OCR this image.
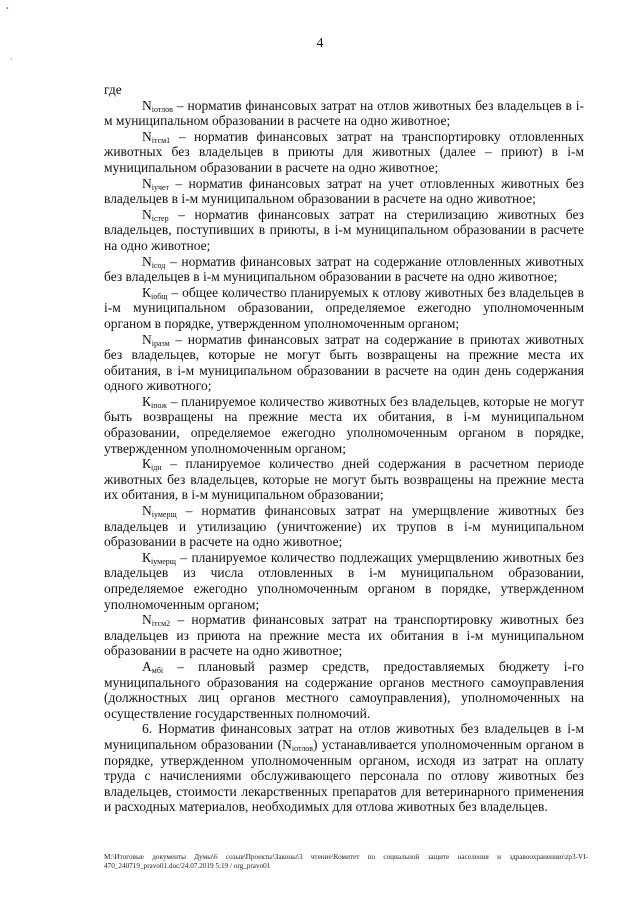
•
‚
4

где

$N_{iотлов}$ – норматив финансовых затрат на отлов животных без владельцев в i-м муниципальном образовании в расчете на одно животное;

$N_{iтсм1}$ – норматив финансовых затрат на транспортировку отловленных животных без владельцев в приюты для животных (далее – приют) в i-м муниципальном образовании в расчете на одно животное;

$N_{iучет}$ – норматив финансовых затрат на учет отловленных животных без владельцев в i-м муниципальном образовании в расчете на одно животное;

$N_{iстер}$ – норматив финансовых затрат на стерилизацию животных без владельцев, поступивших в приюты, в i-м муниципальном образовании в расчете на одно животное;

$N_{iсод}$ – норматив финансовых затрат на содержание отловленных животных без владельцев в i-м муниципальном образовании в расчете на одно животное;

$К_{iобщ}$ – общее количество планируемых к отлову животных без владельцев в i-м муниципальном образовании, определяемое ежегодно уполномоченным органом в порядке, утвержденном уполномоченным органом;

$N_{iразм}$ – норматив финансовых затрат на содержание в приютах животных без владельцев, которые не могут быть возвращены на прежние места их обитания, в i-м муниципальном образовании в расчете на один день содержания одного животного;

$К_{iпож}$ – планируемое количество животных без владельцев, которые не могут быть возвращены на прежние места их обитания, в i-м муниципальном образовании, определяемое ежегодно уполномоченным органом в порядке, утвержденном уполномоченным органом;

$К_{iдн}$ – планируемое количество дней содержания в расчетном периоде животных без владельцев, которые не могут быть возвращены на прежние места их обитания, в i-м муниципальном образовании;

$N_{iумерщ}$ – норматив финансовых затрат на умерщвление животных без владельцев и утилизацию (уничтожение) их трупов в i-м муниципальном образовании в расчете на одно животное;

$К_{iумерщ}$ – планируемое количество подлежащих умерщвлению животных без владельцев из числа отловленных в i-м муниципальном образовании, определяемое ежегодно уполномоченным органом в порядке, утвержденном уполномоченным органом;

$N_{iтсм2}$ – норматив финансовых затрат на транспортировку животных без владельцев из приюта на прежние места их обитания в i-м муниципальном образовании в расчете на одно животное;

$А_{мбi}$ – плановый размер средств, предоставляемых бюджету i-го муниципального образования на содержание органов местного самоуправления (должностных лиц органов местного самоуправления), уполномоченных на осуществление государственных полномочий.

6. Норматив финансовых затрат на отлов животных без владельцев в i-м муниципальном образовании $(N_{iотлов})$ устанавливается уполномоченным органом в порядке, утвержденном уполномоченным органом, исходя из затрат на оплату труда с начислениями обслуживающего персонала по отлову животных без владельцев, стоимости лекарственных препаратов для ветеринарного применения и расходных материалов, необходимых для отлова животных без владельцев.

M:\Итоговые документы Думы\6 созыв\Проекты\Законы\3 чтение\Комитет по социальной защите населения и здравоохранению\zp3-VI-470_240719_pravo01.doc/24.07.2019 5:19 / org_pravo01
